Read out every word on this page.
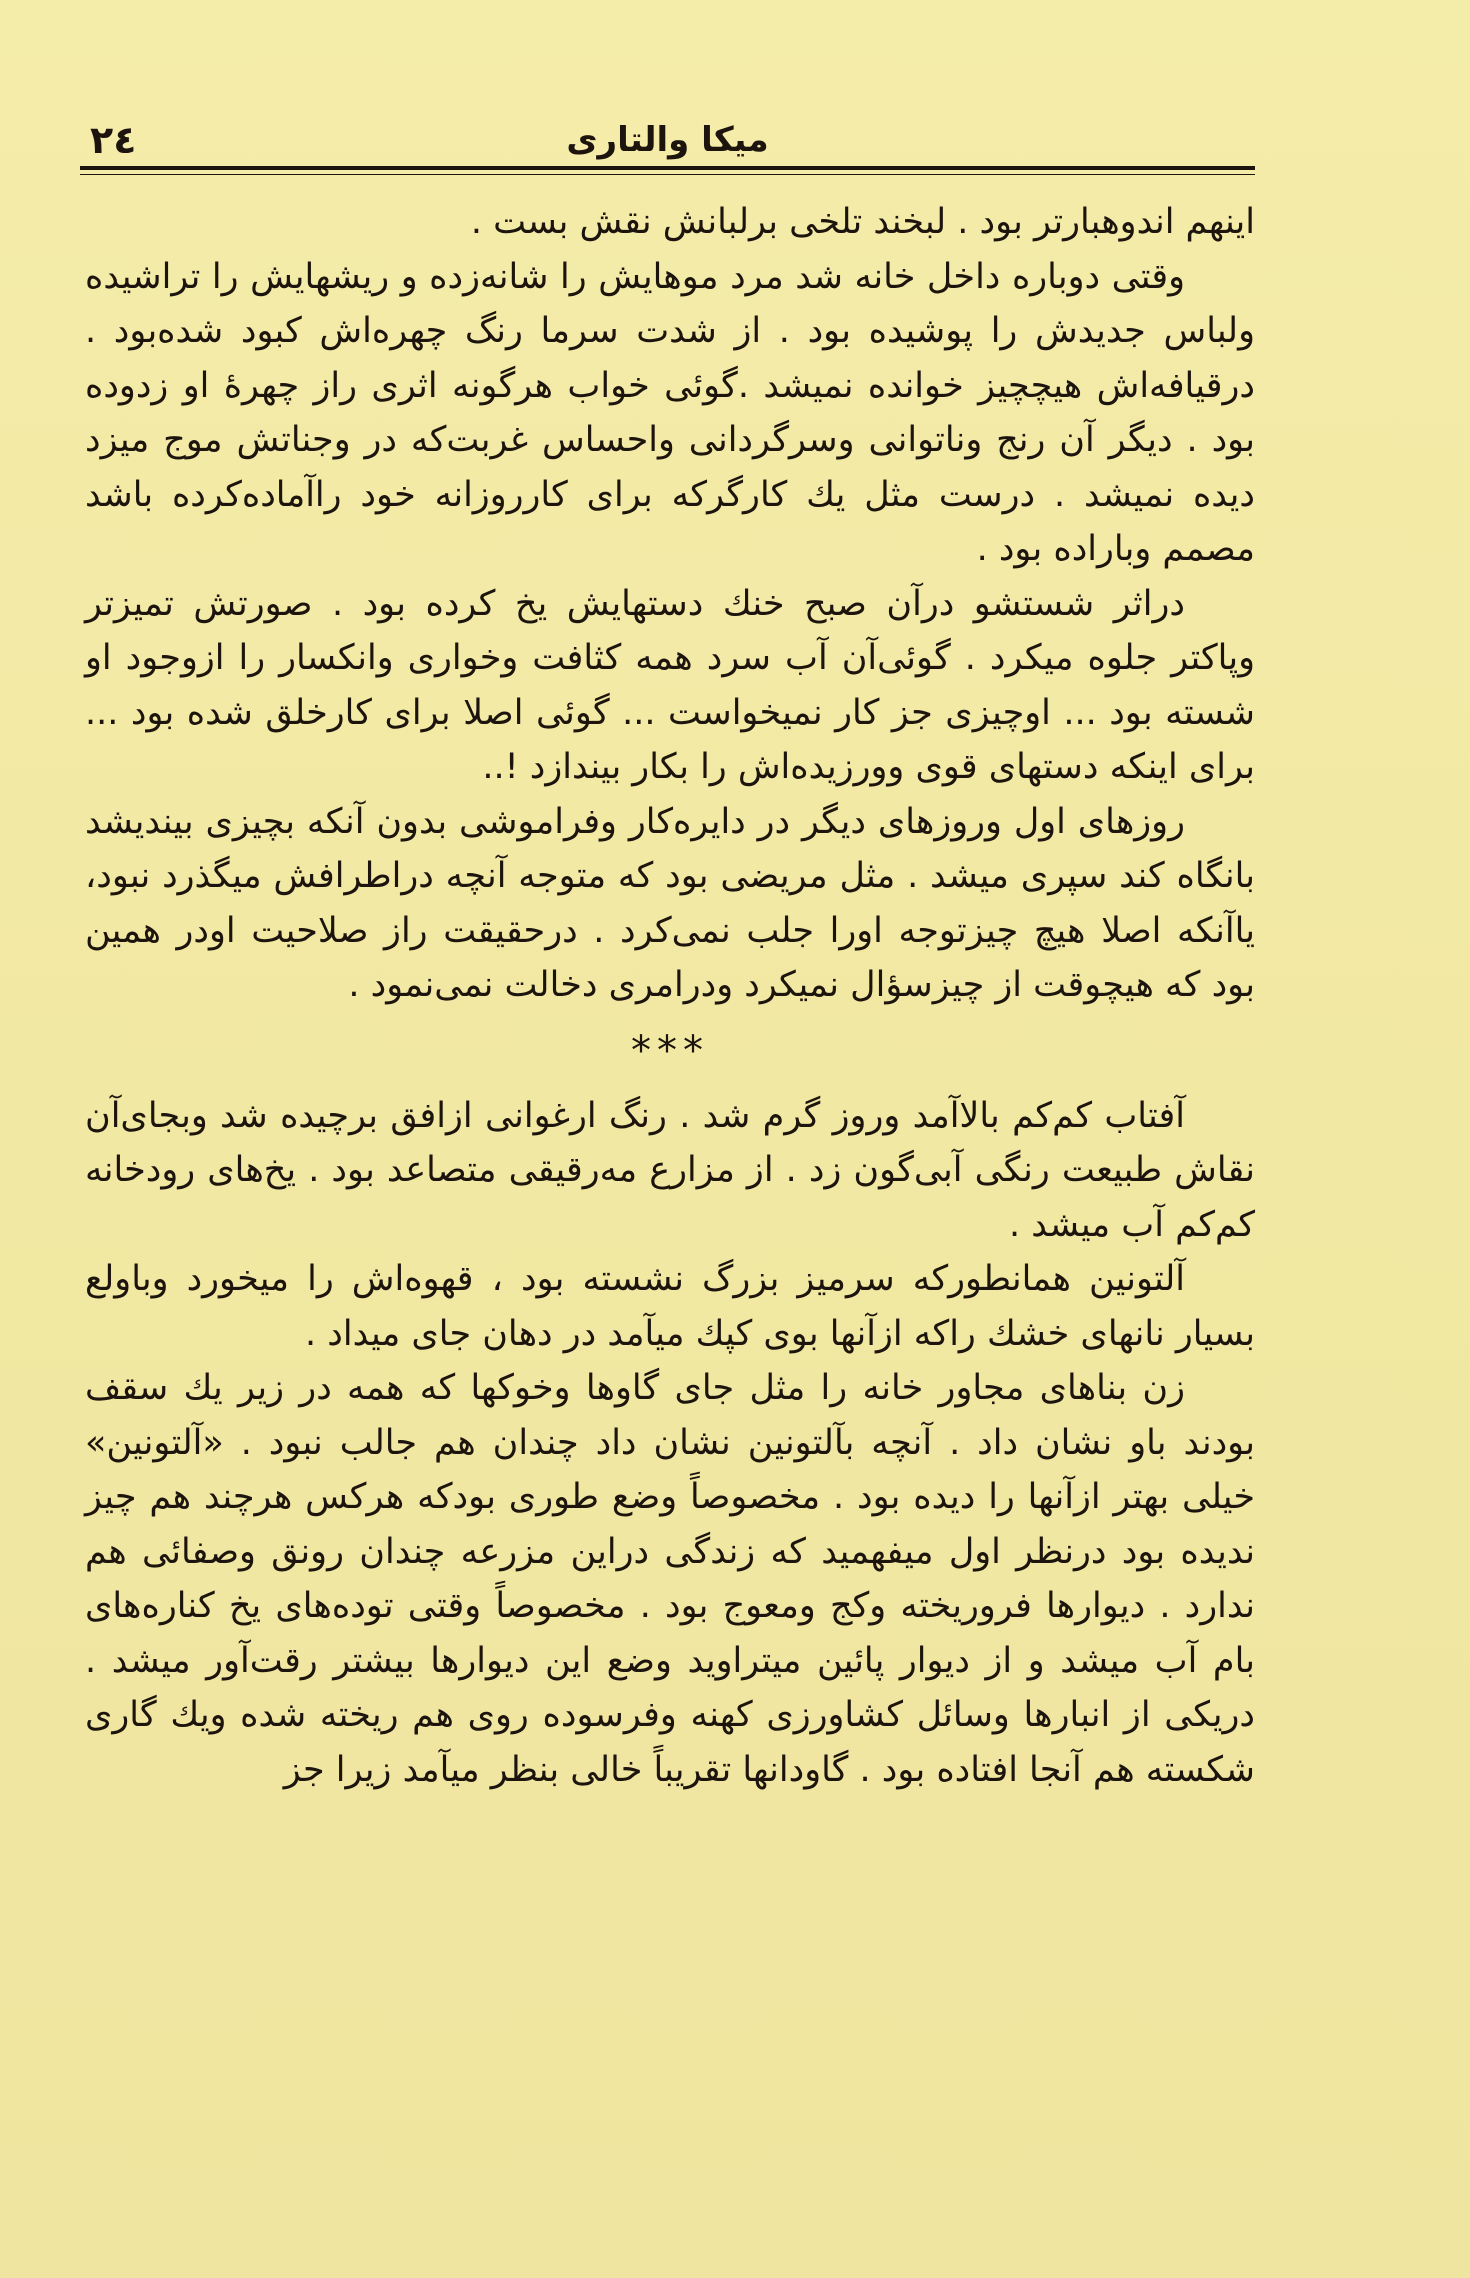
٢٤	میکا والتاری

اینهم اندوهبارتر بود . لبخند تلخی برلبانش نقش بست .

وقتی دوباره داخل خانه شد مرد موهایش را شانه‌زده و ریشهایش را تراشیده ولباس جدیدش را پوشیده بود . از شدت سرما رنگ چهره‌اش کبود شده‌بود . درقیافه‌اش هیچچیز خوانده نمیشد .گوئی خواب هرگونه اثری راز چهرهٔ او زدوده بود . دیگر آن رنج وناتوانی وسرگردانی واحساس غربت‌که در وجناتش موج میزد دیده نمیشد . درست مثل یك کارگرکه برای کارروزانه خود راآماده‌کرده باشد مصمم وباراده بود .

دراثر شستشو درآن صبح خنك دستهایش یخ کرده بود . صورتش تمیزتر وپاکتر جلوه میکرد . گوئی‌آن آب سرد همه کثافت وخواری وانکسار را ازوجود او شسته بود ... اوچیزی جز کار نمیخواست ... گوئی اصلا برای کارخلق شده بود ... برای اینکه دستهای قوی وورزیده‌اش را بکار بیندازد !..

روزهای اول وروزهای دیگر در دایره‌کار وفراموشی بدون آنکه بچیزی بیندیشد بانگاه کند سپری میشد . مثل مریضی بود که متوجه آنچه دراطرافش میگذرد نبود، یاآنکه اصلا هیچ چیزتوجه اورا جلب نمی‌کرد . درحقیقت راز صلاحیت اودر همین بود که هیچوقت از چیزسؤال نمیکرد ودرامری دخالت نمی‌نمود .

***

آفتاب کم‌کم بالاآمد وروز گرم شد . رنگ ارغوانی ازافق برچیده شد وبجای‌آن نقاش طبیعت رنگی آبی‌گون زد . از مزارع مه‌رقیقی متصاعد بود . یخ‌های رودخانه کم‌کم آب میشد .

آلتونین همانطورکه سرمیز بزرگ نشسته بود ، قهوه‌اش را میخورد وباولع بسیار نانهای خشك راکه ازآنها بوی کپك میآمد در دهان جای میداد .

زن بناهای مجاور خانه را مثل جای گاوها وخوکها که همه در زیر یك سقف بودند باو نشان داد . آنچه بآلتونین نشان داد چندان هم جالب نبود . «آلتونین» خیلی بهتر ازآنها را دیده بود . مخصوصاً وضع طوری بودکه هرکس هرچند هم چیز ندیده بود درنظر اول میفهمید که زندگی دراین مزرعه چندان رونق وصفائی هم ندارد . دیوارها فروریخته وکج ومعوج بود . مخصوصاً وقتی توده‌های یخ کناره‌های بام آب میشد و از دیوار پائین میتراوید وضع این دیوارها بیشتر رقت‌آور میشد . دریکی از انبارها وسائل کشاورزی کهنه وفرسوده روی هم ریخته شده ویك گاری شکسته هم آنجا افتاده بود . گاودانها تقریباً خالی بنظر میآمد زیرا جز
